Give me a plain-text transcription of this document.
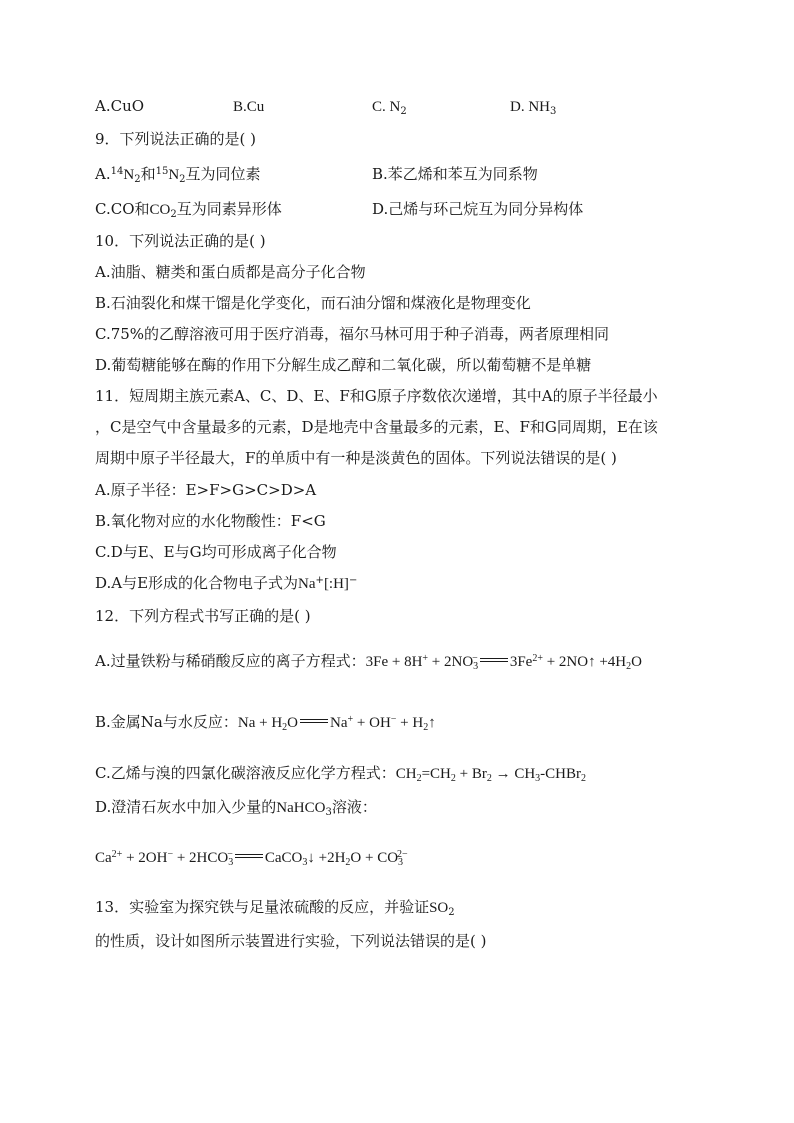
A.CuO	B.Cu	C. $N_2$	D. $NH_3$
9．下列说法正确的是( )
$A.^{14}N_2$和$^{15}N_2$互为同位素	B.苯乙烯和苯互为同系物
C.CO和$CO_2$互为同素异形体	D.己烯与环己烷互为同分异构体
10．下列说法正确的是( )
A.油脂、糖类和蛋白质都是高分子化合物
B.石油裂化和煤干馏是化学变化，而石油分馏和煤液化是物理变化
C.75%的乙醇溶液可用于医疗消毒，福尔马林可用于种子消毒，两者原理相同
D.葡萄糖能够在酶的作用下分解生成乙醇和二氧化碳，所以葡萄糖不是单糖
11．短周期主族元素A、C、D、E、F和G原子序数依次递增，其中A的原子半径最小
，C是空气中含量最多的元素，D是地壳中含量最多的元素，E、F和G同周期，E在该
周期中原子半径最大，F的单质中有一种是淡黄色的固体。下列说法错误的是( )
A.原子半径：E>F>G>C>D>A
B.氧化物对应的水化物酸性：F<G
C.D与E、E与G均可形成离子化合物
D.A与E形成的化合物电子式为Na+[:H]−
12．下列方程式书写正确的是( )
A.过量铁粉与稀硝酸反应的离子方程式：$3Fe + 8H^+ + 2NO_3^-$ $3Fe^{2+}$ + 2NO↑ $+4H_2O$
B.金属Na与水反应：$Na + H_2O$ $Na^+ + OH^- + H_2↑$
C.乙烯与溴的四氯化碳溶液反应化学方程式：$CH_2=CH_2 + Br_2$ → $CH_3-CHBr_2$
D.澄清石灰水中加入少量的NaHCO$_3$溶液：
$Ca^{2+} + 2OH^- + 2HCO_3^-$ CaCO$_3$↓ $+2H_2O + CO_3^{2-}$
13．实验室为探究铁与足量浓硫酸的反应，并验证$SO_2$
的性质，设计如图所示装置进行实验，下列说法错误的是( )
